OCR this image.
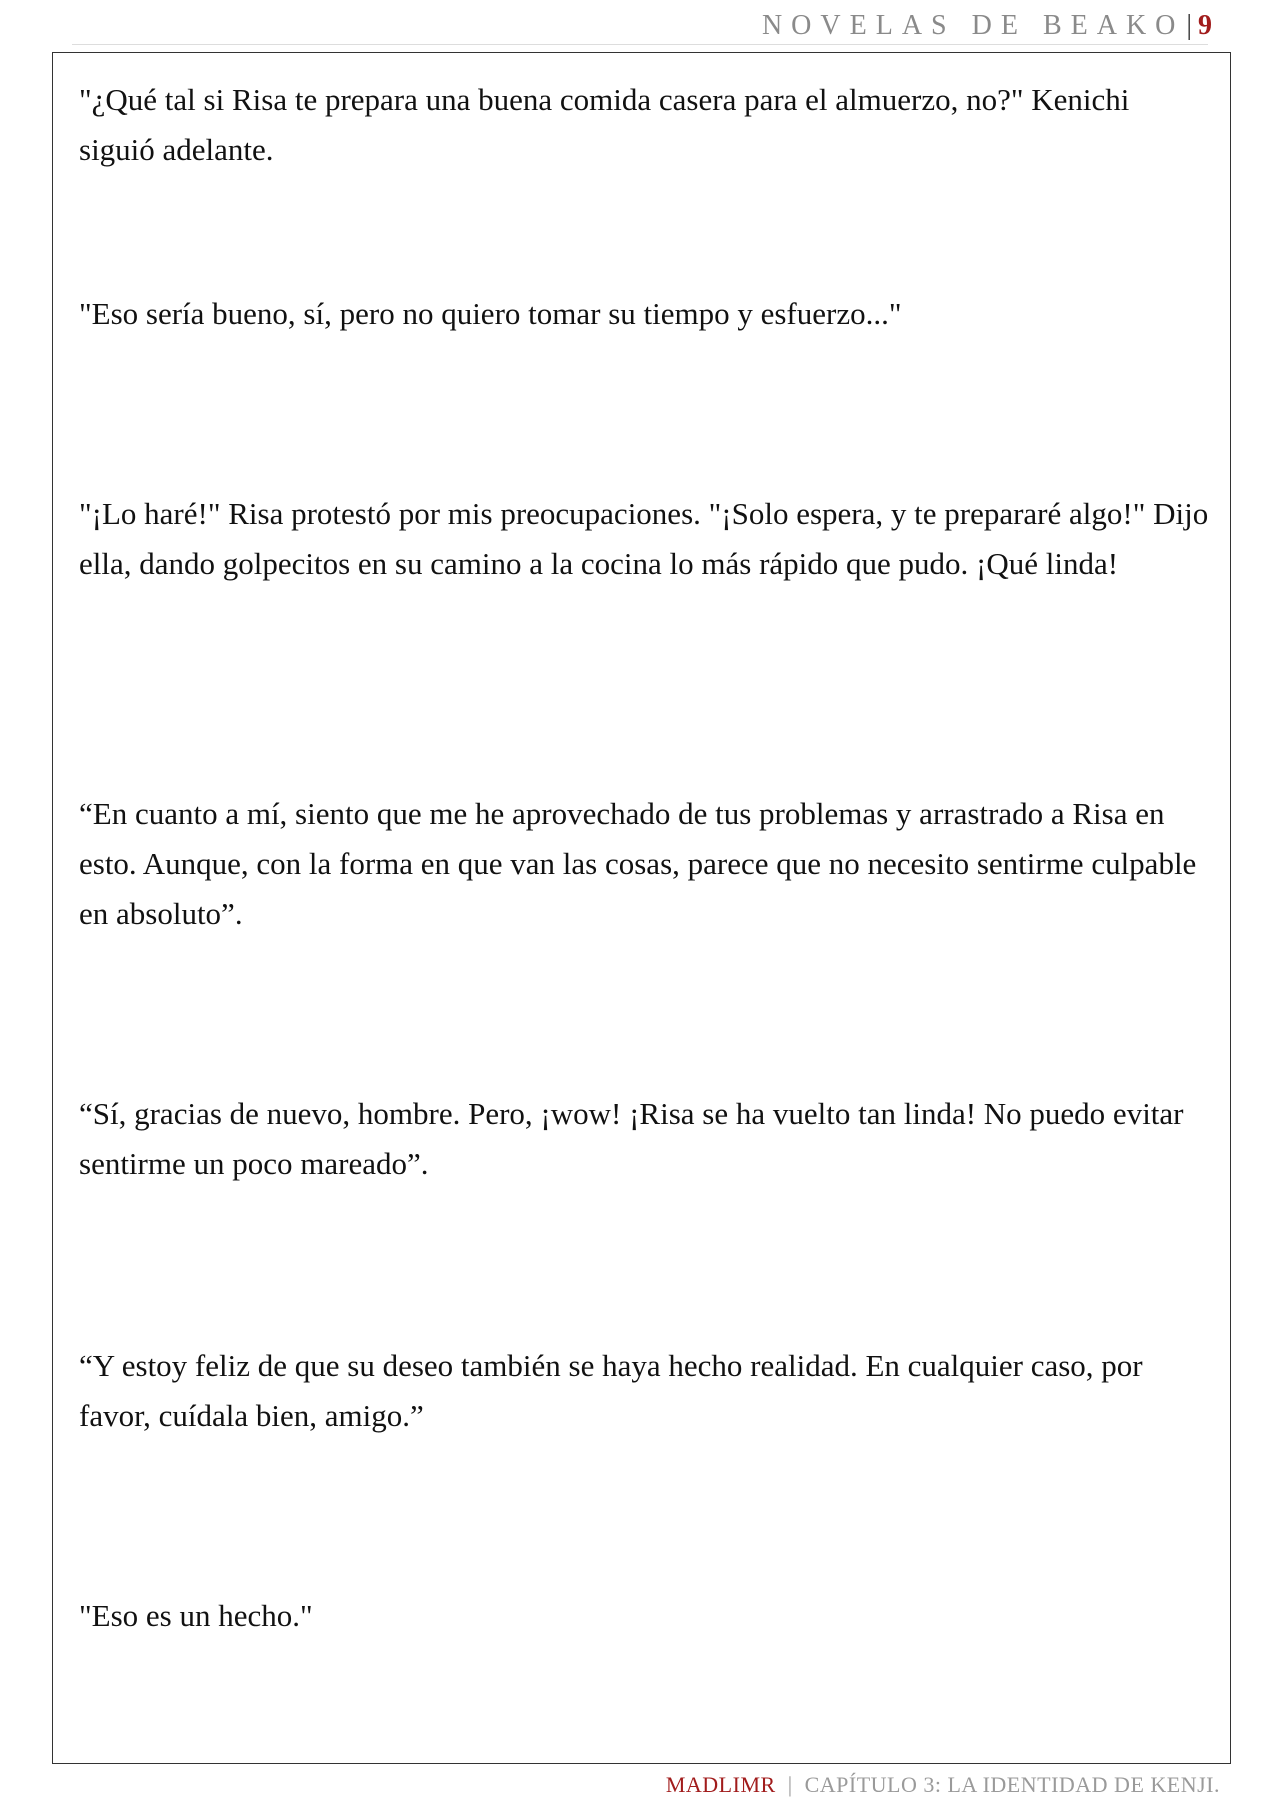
NOVELAS DE BEAKO | 9

"¿Qué tal si Risa te prepara una buena comida casera para el almuerzo, no?" Kenichi siguió adelante.

"Eso sería bueno, sí, pero no quiero tomar su tiempo y esfuerzo..."

"¡Lo haré!" Risa protestó por mis preocupaciones. "¡Solo espera, y te prepararé algo!" Dijo ella, dando golpecitos en su camino a la cocina lo más rápido que pudo. ¡Qué linda!

“En cuanto a mí, siento que me he aprovechado de tus problemas y arrastrado a Risa en esto. Aunque, con la forma en que van las cosas, parece que no necesito sentirme culpable en absoluto”.

“Sí, gracias de nuevo, hombre. Pero, ¡wow! ¡Risa se ha vuelto tan linda! No puedo evitar sentirme un poco mareado”.

“Y estoy feliz de que su deseo también se haya hecho realidad. En cualquier caso, por favor, cuídala bien, amigo.”

"Eso es un hecho."

MADLIMR | CAPÍTULO 3: LA IDENTIDAD DE KENJI.
